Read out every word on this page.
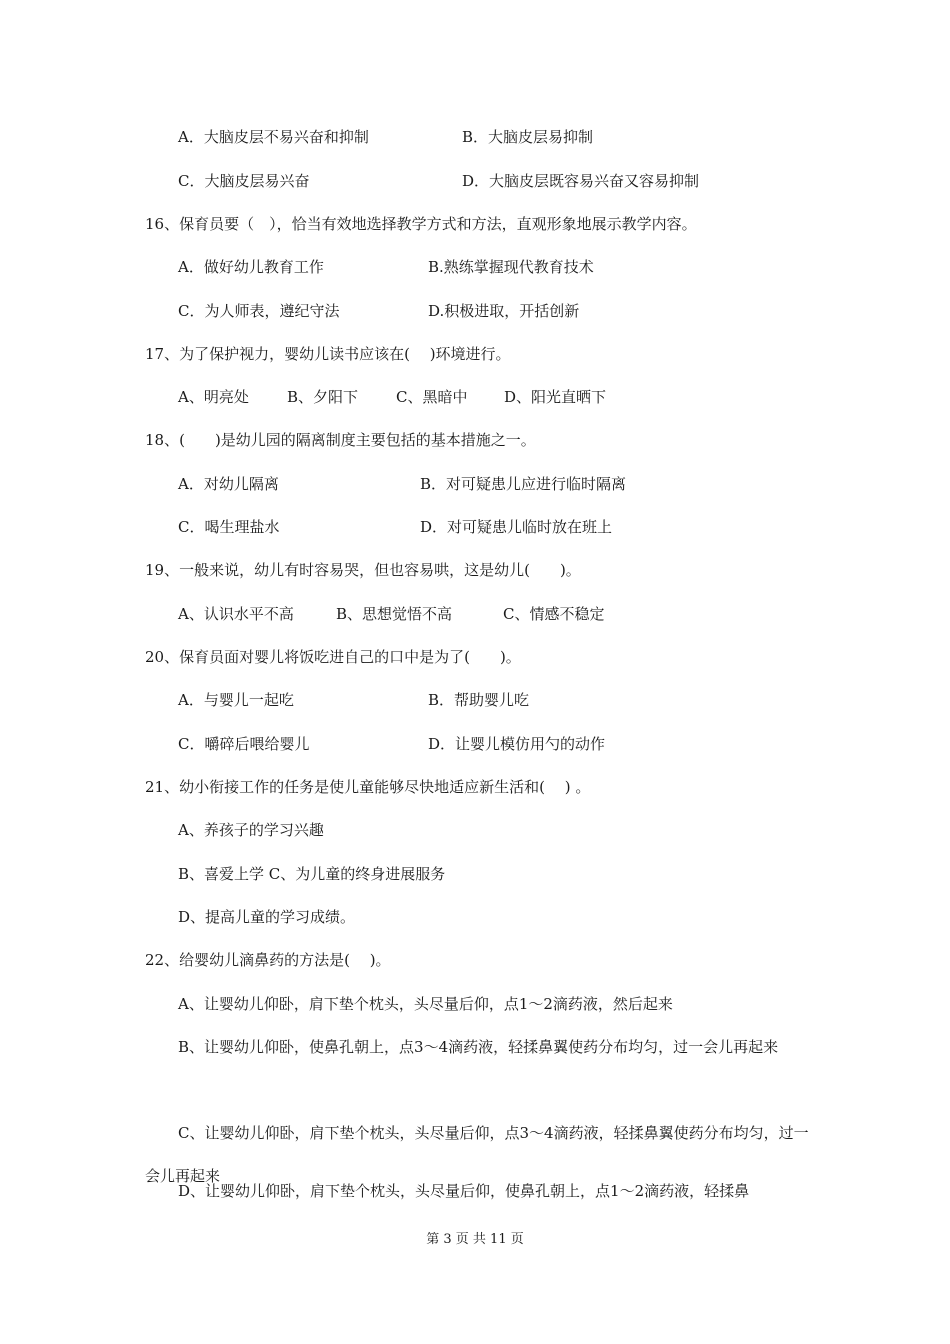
A．大脑皮层不易兴奋和抑制	B．大脑皮层易抑制
C．大脑皮层易兴奋	D．大脑皮层既容易兴奋又容易抑制
16、保育员要（　），恰当有效地选择教学方式和方法，直观形象地展示教学内容。
A．做好幼儿教育工作	B.熟练掌握现代教育技术
C．为人师表，遵纪守法	D.积极进取，开括创新
17、为了保护视力，婴幼儿读书应该在(　 )环境进行。
A、明亮处	B、夕阳下	C、黑暗中 D、阳光直晒下
18、(　　)是幼儿园的隔离制度主要包括的基本措施之一。
A．对幼儿隔离	B．对可疑患儿应进行临时隔离
C．喝生理盐水	D．对可疑患儿临时放在班上
19、一般来说，幼儿有时容易哭，但也容易哄，这是幼儿(　　)。
A、认识水平不高	B、思想觉悟不高	C、情感不稳定
20、保育员面对婴儿将饭吃进自己的口中是为了(　　)。
A．与婴儿一起吃	B．帮助婴儿吃
C．嚼碎后喂给婴儿	D．让婴儿模仿用勺的动作
21、幼小衔接工作的任务是使儿童能够尽快地适应新生活和(　 ) 。
A、养孩子的学习兴趣
B、喜爱上学 C、为儿童的终身进展服务
D、提高儿童的学习成绩。
22、给婴幼儿滴鼻药的方法是(　 )。
A、让婴幼儿仰卧，肩下垫个枕头，头尽量后仰，点1～2滴药液，然后起来
B、让婴幼儿仰卧，使鼻孔朝上，点3～4滴药液，轻揉鼻翼使药分布均匀，过一会儿再起来
C、让婴幼儿仰卧，肩下垫个枕头，头尽量后仰，点3～4滴药液，轻揉鼻翼使药分布均匀，过一会儿再起来
D、让婴幼儿仰卧，肩下垫个枕头，头尽量后仰，使鼻孔朝上，点1～2滴药液，轻揉鼻
第 3 页 共 11 页
